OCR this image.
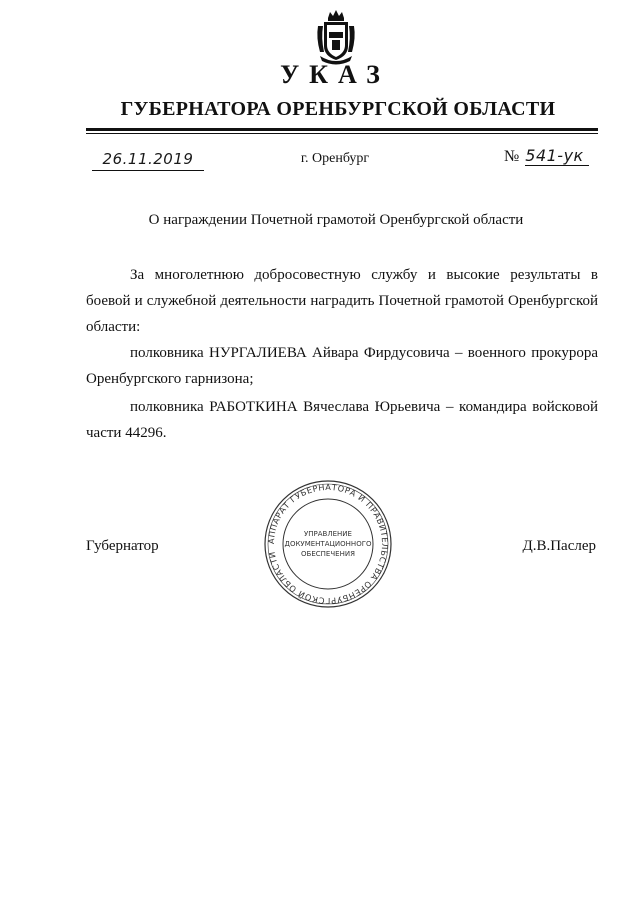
УКАЗ
ГУБЕРНАТОРА ОРЕНБУРГСКОЙ ОБЛАСТИ
26.11.2019	г. Оренбург	№ 541-ук
О награждении Почетной грамотой Оренбургской области

За многолетнюю добросовестную службу и высокие результаты в боевой и служебной деятельности наградить Почетной грамотой Оренбургской области:

полковника НУРГАЛИЕВА Айвара Фирдусовича – военного прокурора Оренбургского гарнизона;

полковника РАБОТКИНА Вячеслава Юрьевича – командира войсковой части 44296.

АППАРАТ ГУБЕРНАТОРА И ПРАВИТЕЛЬСТВА ОРЕНБУРГСКОЙ ОБЛАСТИ
УПРАВЛЕНИЕ
ДОКУМЕНТАЦИОННОГО
ОБЕСПЕЧЕНИЯ
Губернатор	Д.В.Паслер
